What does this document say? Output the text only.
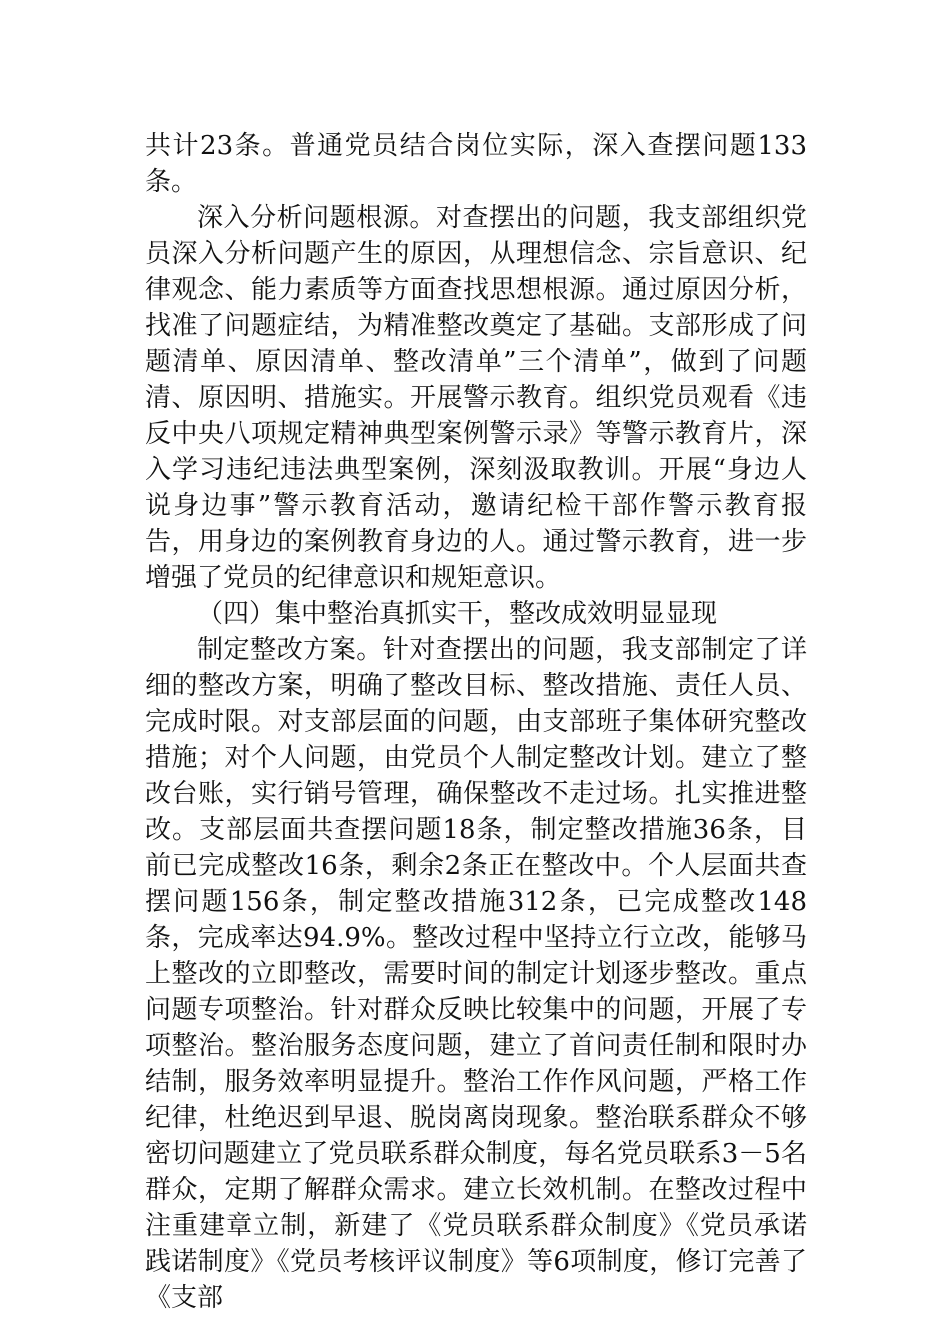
共计23条。普通党员结合岗位实际，深入查摆问题133条。

深入分析问题根源。对查摆出的问题，我支部组织党员深入分析问题产生的原因，从理想信念、宗旨意识、纪律观念、能力素质等方面查找思想根源。通过原因分析，找准了问题症结，为精准整改奠定了基础。支部形成了问题清单、原因清单、整改清单”三个清单”，做到了问题清、原因明、措施实。开展警示教育。组织党员观看《违反中央八项规定精神典型案例警示录》等警示教育片，深入学习违纪违法典型案例，深刻汲取教训。开展“身边人说身边事”警示教育活动，邀请纪检干部作警示教育报告，用身边的案例教育身边的人。通过警示教育，进一步增强了党员的纪律意识和规矩意识。

（四）集中整治真抓实干，整改成效明显显现

制定整改方案。针对查摆出的问题，我支部制定了详细的整改方案，明确了整改目标、整改措施、责任人员、完成时限。对支部层面的问题，由支部班子集体研究整改措施；对个人问题，由党员个人制定整改计划。建立了整改台账，实行销号管理，确保整改不走过场。扎实推进整改。支部层面共查摆问题18条，制定整改措施36条，目前已完成整改16条，剩余2条正在整改中。个人层面共查摆问题156条，制定整改措施312条，已完成整改148条，完成率达94.9%。整改过程中坚持立行立改，能够马上整改的立即整改，需要时间的制定计划逐步整改。重点问题专项整治。针对群众反映比较集中的问题，开展了专项整治。整治服务态度问题，建立了首问责任制和限时办结制，服务效率明显提升。整治工作作风问题，严格工作纪律，杜绝迟到早退、脱岗离岗现象。整治联系群众不够密切问题建立了党员联系群众制度，每名党员联系3－5名群众，定期了解群众需求。建立长效机制。在整改过程中注重建章立制，新建了《党员联系群众制度》《党员承诺践诺制度》《党员考核评议制度》等6项制度，修订完善了《支部
